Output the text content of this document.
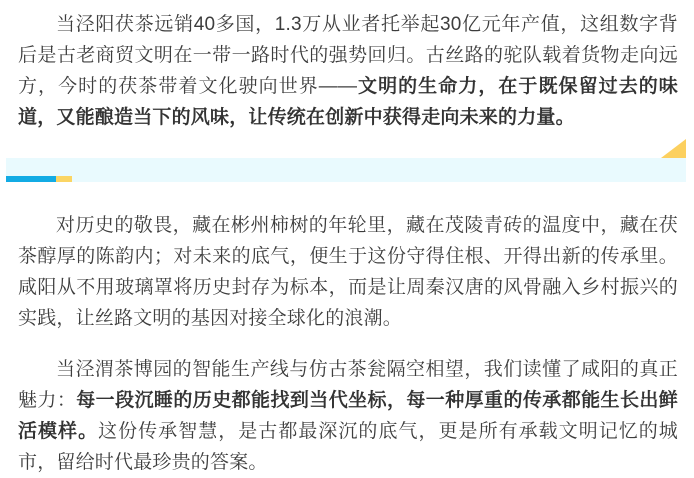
当泾阳茯茶远销40多国，1.3万从业者托举起30亿元年产值，这组数字背后是古老商贸文明在一带一路时代的强势回归。古丝路的驼队载着货物走向远方，今时的茯茶带着文化驶向世界——文明的生命力，在于既保留过去的味道，又能酿造当下的风味，让传统在创新中获得走向未来的力量。

对历史的敬畏，藏在彬州柿树的年轮里，藏在茂陵青砖的温度中，藏在茯茶醇厚的陈韵内；对未来的底气，便生于这份守得住根、开得出新的传承里。咸阳从不用玻璃罩将历史封存为标本，而是让周秦汉唐的风骨融入乡村振兴的实践，让丝路文明的基因对接全球化的浪潮。

当泾渭茶博园的智能生产线与仿古茶瓮隔空相望，我们读懂了咸阳的真正魅力：每一段沉睡的历史都能找到当代坐标，每一种厚重的传承都能生长出鲜活模样。这份传承智慧，是古都最深沉的底气，更是所有承载文明记忆的城市，留给时代最珍贵的答案。
